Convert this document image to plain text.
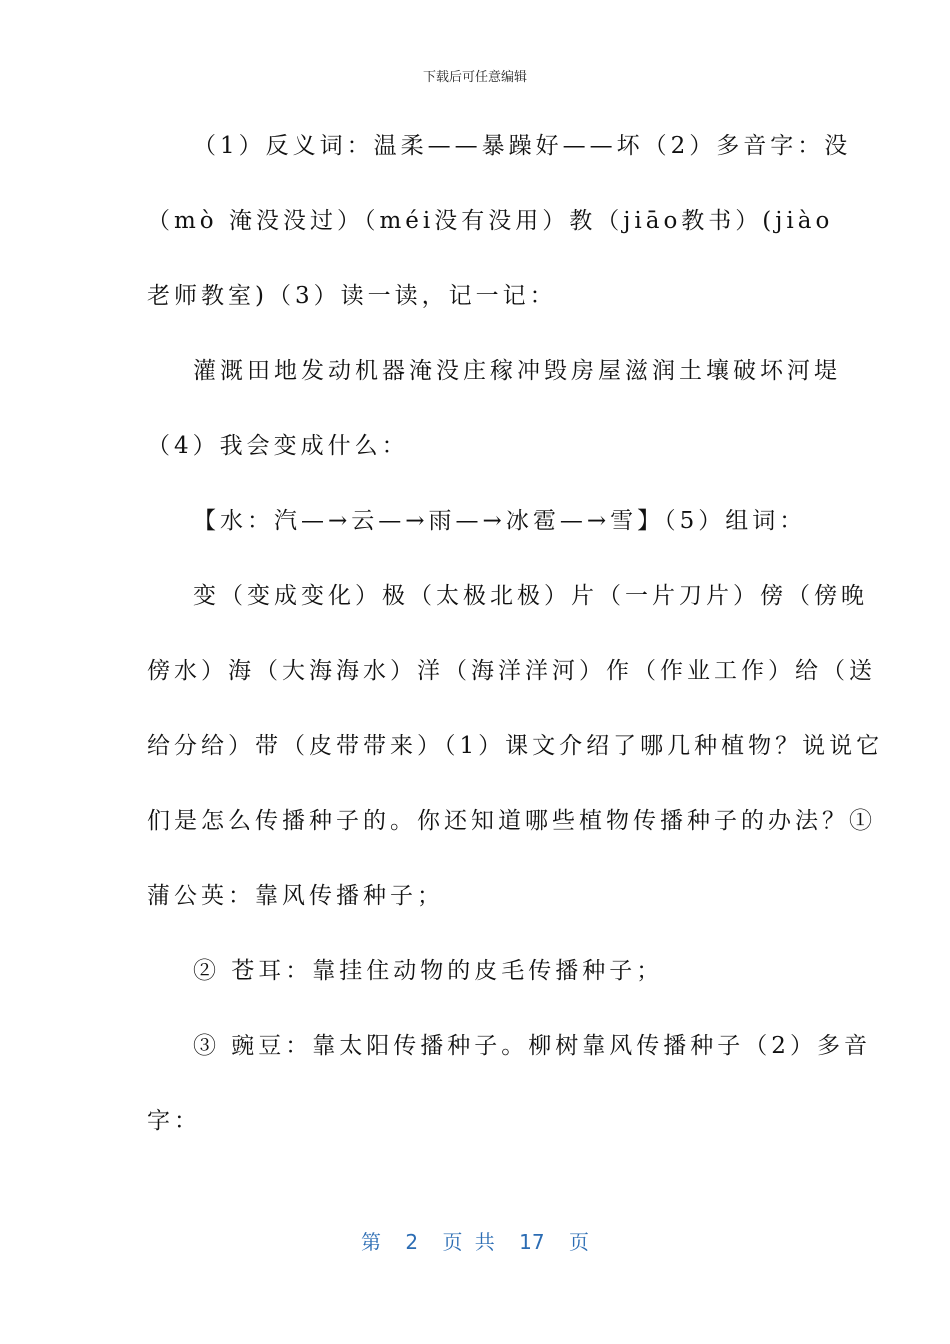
下载后可任意编辑
（1）反义词：温柔——暴躁好——坏（2）多音字：没
（mò 淹没没过）（méi没有没用）教（jiāo教书）(jiào
老师教室)（3）读一读，记一记：
灌溉田地发动机器淹没庄稼冲毁房屋滋润土壤破坏河堤
（4）我会变成什么：
【水：汽—→云—→雨—→冰雹—→雪】（5）组词：
变（变成变化）极（太极北极）片（一片刀片）傍（傍晚
傍水）海（大海海水）洋（海洋洋河）作（作业工作）给（送
给分给）带（皮带带来）（1）课文介绍了哪几种植物？说说它
们是怎么传播种子的。你还知道哪些植物传播种子的办法？①
蒲公英：靠风传播种子；
② 苍耳：靠挂住动物的皮毛传播种子；
③ 豌豆：靠太阳传播种子。柳树靠风传播种子（2）多音
字：
第 2 页 共 17 页
